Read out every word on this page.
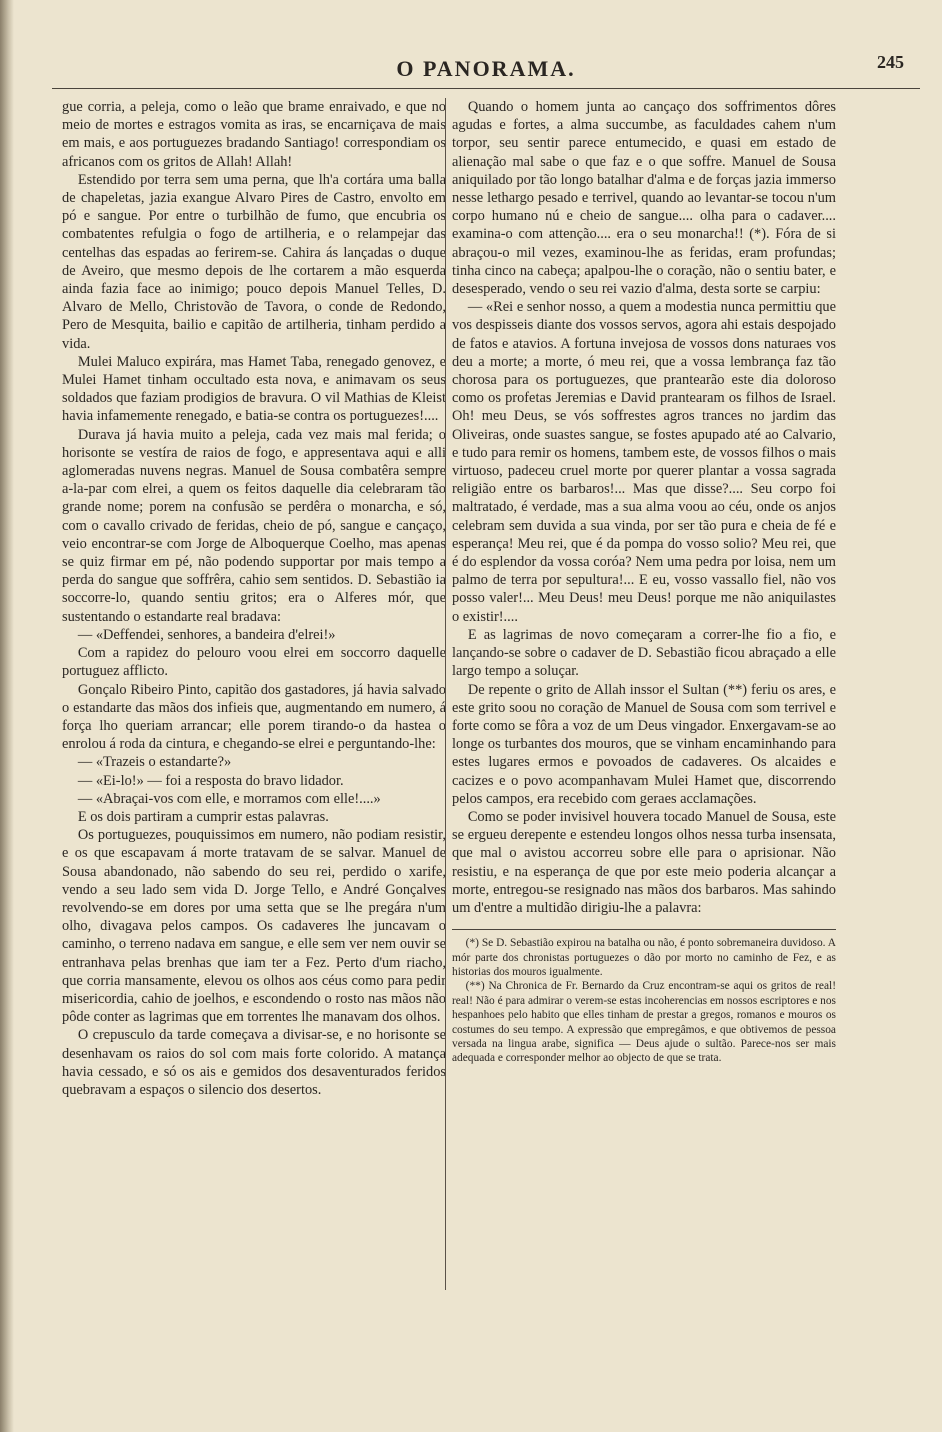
O PANORAMA.	245

gue corria, a peleja, como o leão que brame enraivado, e que no meio de mortes e estragos vomita as iras, se encarniçava de mais em mais, e aos portuguezes bradando Santiago! correspondiam os africanos com os gritos de Allah! Allah!

Estendido por terra sem uma perna, que lh'a cortára uma balla de chapeletas, jazia exangue Alvaro Pires de Castro, envolto em pó e sangue. Por entre o turbilhão de fumo, que encubria os combatentes refulgia o fogo de artilheria, e o relampejar das centelhas das espadas ao ferirem-se. Cahira ás lançadas o duque de Aveiro, que mesmo depois de lhe cortarem a mão esquerda ainda fazia face ao inimigo; pouco depois Manuel Telles, D. Alvaro de Mello, Christovão de Tavora, o conde de Redondo, Pero de Mesquita, bailio e capitão de artilheria, tinham perdido a vida.

Mulei Maluco expirára, mas Hamet Taba, renegado genovez, e Mulei Hamet tinham occultado esta nova, e animavam os seus soldados que faziam prodigios de bravura. O vil Mathias de Kleist havia infamemente renegado, e batia-se contra os portuguezes!....

Durava já havia muito a peleja, cada vez mais mal ferida; o horisonte se vestíra de raios de fogo, e appresentava aqui e alli aglomeradas nuvens negras. Manuel de Sousa combatêra sempre a-la-par com elrei, a quem os feitos daquelle dia celebraram tão grande nome; porem na confusão se perdêra o monarcha, e só, com o cavallo crivado de feridas, cheio de pó, sangue e cançaço, veio encontrar-se com Jorge de Alboquerque Coelho, mas apenas se quiz firmar em pé, não podendo supportar por mais tempo a perda do sangue que soffrêra, cahio sem sentidos. D. Sebastião ia soccorre-lo, quando sentiu gritos; era o Alferes mór, que sustentando o estandarte real bradava:

— «Deffendei, senhores, a bandeira d'elrei!»

Com a rapidez do pelouro voou elrei em soccorro daquelle portuguez afflicto.

Gonçalo Ribeiro Pinto, capitão dos gastadores, já havia salvado o estandarte das mãos dos infieis que, augmentando em numero, á força lho queriam arrancar; elle porem tirando-o da hastea o enrolou á roda da cintura, e chegando-se elrei e perguntando-lhe:

— «Trazeis o estandarte?»

— «Ei-lo!» — foi a resposta do bravo lidador.

— «Abraçai-vos com elle, e morramos com elle!....»

E os dois partiram a cumprir estas palavras.

Os portuguezes, pouquissimos em numero, não podiam resistir, e os que escapavam á morte tratavam de se salvar. Manuel de Sousa abandonado, não sabendo do seu rei, perdido o xarife, vendo a seu lado sem vida D. Jorge Tello, e André Gonçalves revolvendo-se em dores por uma setta que se lhe pregára n'um olho, divagava pelos campos. Os cadaveres lhe juncavam o caminho, o terreno nadava em sangue, e elle sem ver nem ouvir se entranhava pelas brenhas que iam ter a Fez. Perto d'um riacho, que corria mansamente, elevou os olhos aos céus como para pedir misericordia, cahio de joelhos, e escondendo o rosto nas mãos não pôde conter as lagrimas que em torrentes lhe manavam dos olhos.

O crepusculo da tarde começava a divisar-se, e no horisonte se desenhavam os raios do sol com mais forte colorido. A matança havia cessado, e só os ais e gemidos dos desaventurados feridos quebravam a espaços o silencio dos desertos.

Quando o homem junta ao cançaço dos soffrimentos dôres agudas e fortes, a alma succumbe, as faculdades cahem n'um torpor, seu sentir parece entumecido, e quasi em estado de alienação mal sabe o que faz e o que soffre. Manuel de Sousa aniquilado por tão longo batalhar d'alma e de forças jazia immerso nesse lethargo pesado e terrivel, quando ao levantar-se tocou n'um corpo humano nú e cheio de sangue.... olha para o cadaver.... examina-o com attenção.... era o seu monarcha!! (*). Fóra de si abraçou-o mil vezes, examinou-lhe as feridas, eram profundas; tinha cinco na cabeça; apalpou-lhe o coração, não o sentiu bater, e desesperado, vendo o seu rei vazio d'alma, desta sorte se carpiu:

— «Rei e senhor nosso, a quem a modestia nunca permittiu que vos despisseis diante dos vossos servos, agora ahi estais despojado de fatos e atavios. A fortuna invejosa de vossos dons naturaes vos deu a morte; a morte, ó meu rei, que a vossa lembrança faz tão chorosa para os portuguezes, que prantearão este dia doloroso como os profetas Jeremias e David prantearam os filhos de Israel. Oh! meu Deus, se vós soffrestes agros trances no jardim das Oliveiras, onde suastes sangue, se fostes apupado até ao Calvario, e tudo para remir os homens, tambem este, de vossos filhos o mais virtuoso, padeceu cruel morte por querer plantar a vossa sagrada religião entre os barbaros!... Mas que disse?.... Seu corpo foi maltratado, é verdade, mas a sua alma voou ao céu, onde os anjos celebram sem duvida a sua vinda, por ser tão pura e cheia de fé e esperança! Meu rei, que é da pompa do vosso solio? Meu rei, que é do esplendor da vossa coróa? Nem uma pedra por loisa, nem um palmo de terra por sepultura!... E eu, vosso vassallo fiel, não vos posso valer!... Meu Deus! meu Deus! porque me não aniquilastes o existir!....

E as lagrimas de novo começaram a correr-lhe fio a fio, e lançando-se sobre o cadaver de D. Sebastião ficou abraçado a elle largo tempo a soluçar.

De repente o grito de Allah inssor el Sultan (**) feriu os ares, e este grito soou no coração de Manuel de Sousa com som terrivel e forte como se fôra a voz de um Deus vingador. Enxergavam-se ao longe os turbantes dos mouros, que se vinham encaminhando para estes lugares ermos e povoados de cadaveres. Os alcaides e cacizes e o povo acompanhavam Mulei Hamet que, discorrendo pelos campos, era recebido com geraes acclamações.

Como se poder invisivel houvera tocado Manuel de Sousa, este se ergueu derepente e estendeu longos olhos nessa turba insensata, que mal o avistou accorreu sobre elle para o aprisionar. Não resistiu, e na esperança de que por este meio poderia alcançar a morte, entregou-se resignado nas mãos dos barbaros. Mas sahindo um d'entre a multidão dirigiu-lhe a palavra:

(*) Se D. Sebastião expirou na batalha ou não, é ponto sobremaneira duvidoso. A mór parte dos chronistas portuguezes o dão por morto no caminho de Fez, e as historias dos mouros igualmente.

(**) Na Chronica de Fr. Bernardo da Cruz encontram-se aqui os gritos de real! real! Não é para admirar o verem-se estas incoherencias em nossos escriptores e nos hespanhoes pelo habito que elles tinham de prestar a gregos, romanos e mouros os costumes do seu tempo. A expressão que empregâmos, e que obtivemos de pessoa versada na lingua arabe, significa — Deus ajude o sultão. Parece-nos ser mais adequada e corresponder melhor ao objecto de que se trata.
